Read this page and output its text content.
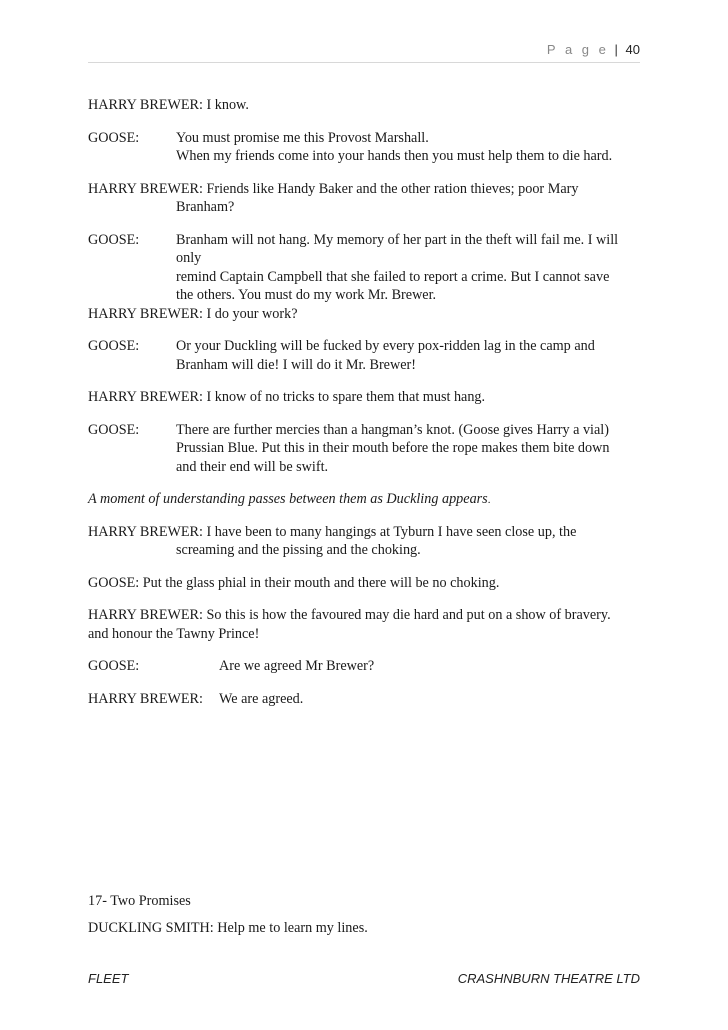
P a g e | 40
HARRY BREWER: I know.
GOOSE:	You must promise me this Provost Marshall.
When my friends come into your hands then you must help them to die hard.
HARRY BREWER: Friends like Handy Baker and the other ration thieves; poor Mary
Branham?
GOOSE:	Branham will not hang. My memory of her part in the theft will fail me. I will
only
remind Captain Campbell that she failed to report a crime. But I cannot save
the others. You must do my work Mr. Brewer.
HARRY BREWER: I do your work?
GOOSE:	Or your Duckling will be fucked by every pox-ridden lag in the camp and
Branham will die! I will do it Mr. Brewer!
HARRY BREWER: I know of no tricks to spare them that must hang.
GOOSE:	There are further mercies than a hangman’s knot. (Goose gives Harry a vial)
Prussian Blue. Put this in their mouth before the rope makes them bite down
and their end will be swift.
A moment of understanding passes between them as Duckling appears.
HARRY BREWER: I have been to many hangings at Tyburn I have seen close up, the
screaming and the pissing and the choking.
GOOSE: Put the glass phial in their mouth and there will be no choking.
HARRY BREWER: So this is how the favoured may die hard and put on a show of bravery.
and honour the Tawny Prince!
GOOSE:	Are we agreed Mr Brewer?
HARRY BREWER:	We are agreed.
17- Two Promises
DUCKLING SMITH: Help me to learn my lines.
FLEET	CRASHNBURN THEATRE LTD
